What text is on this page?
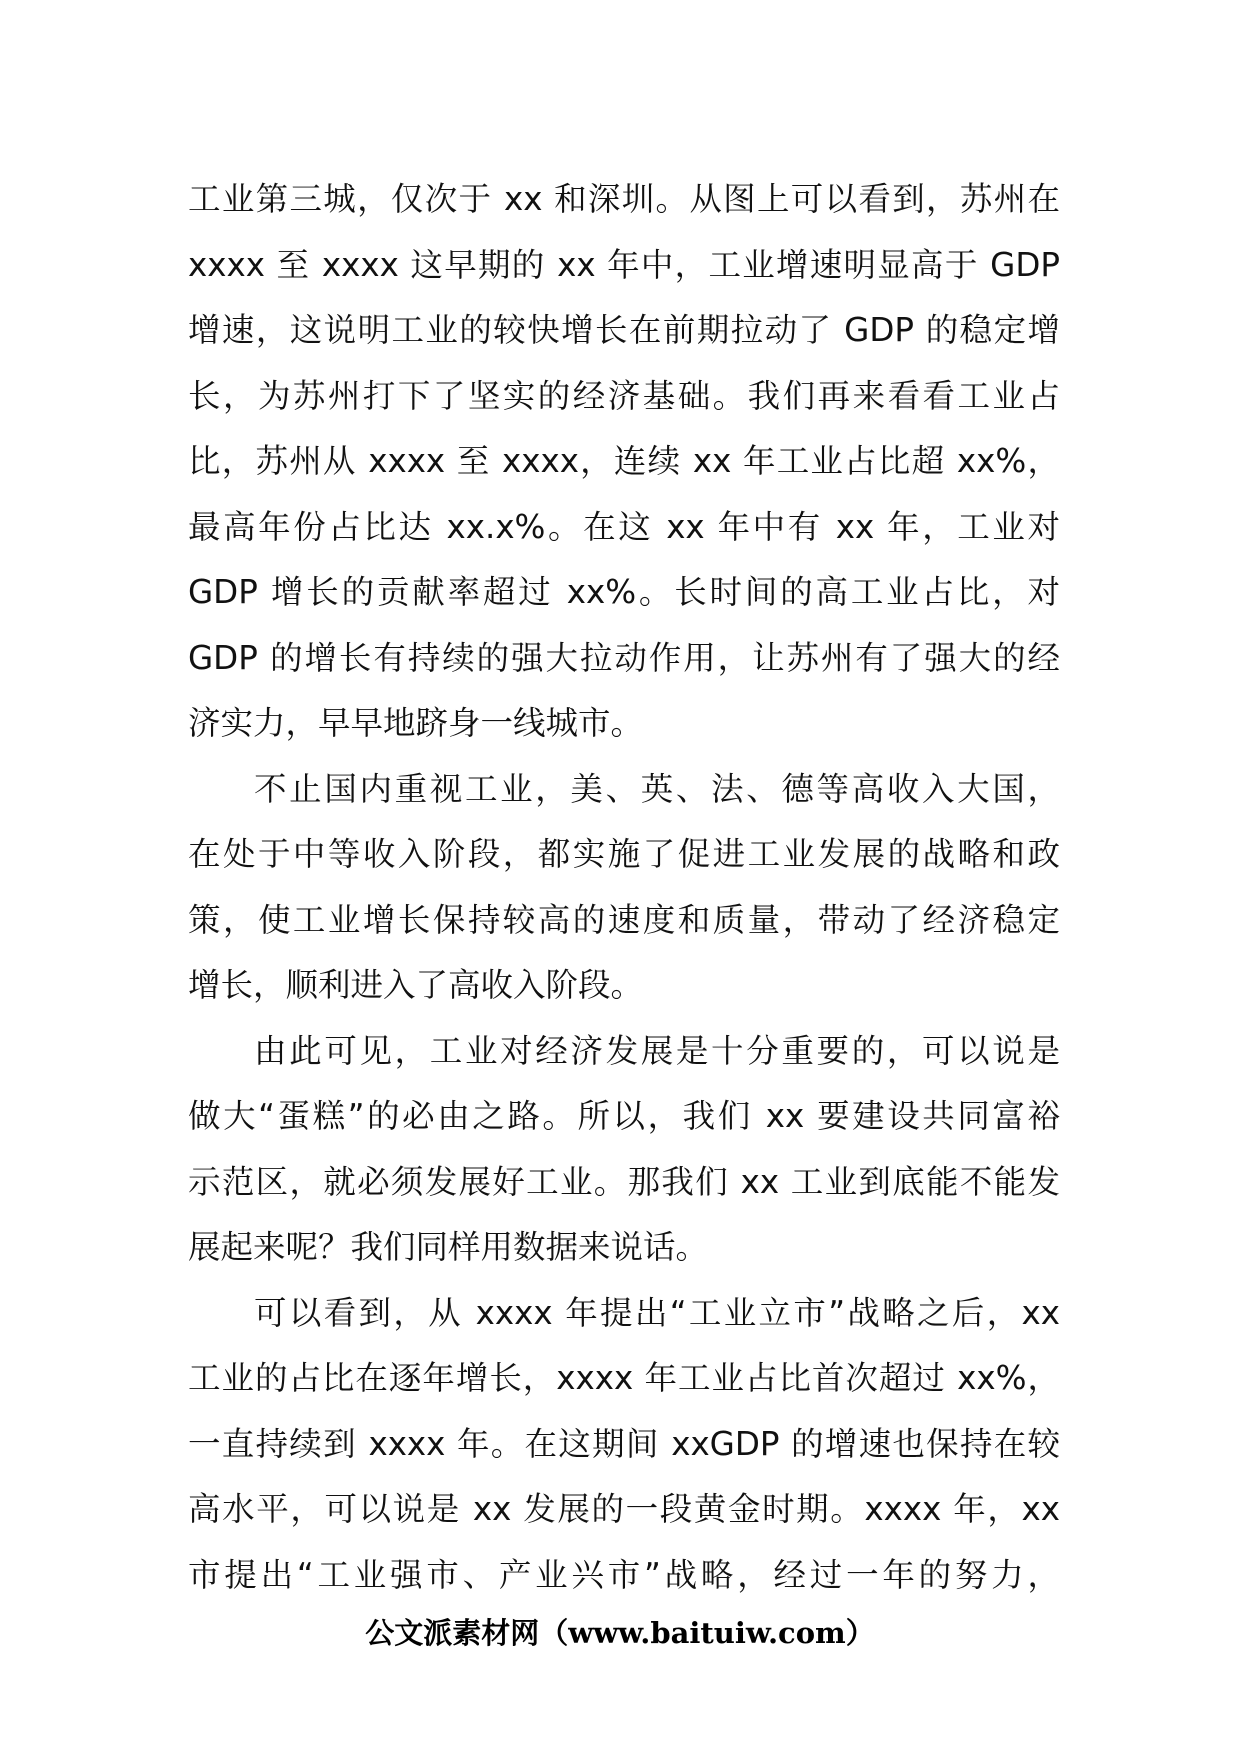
工业第三城，仅次于 xx 和深圳。从图上可以看到，苏州在
xxxx 至 xxxx 这早期的 xx 年中，工业增速明显高于 GDP
增速，这说明工业的较快增长在前期拉动了 GDP 的稳定增
长，为苏州打下了坚实的经济基础。我们再来看看工业占
比，苏州从 xxxx 至 xxxx，连续 xx 年工业占比超 xx%，
最高年份占比达 xx.x%。在这 xx 年中有 xx 年，工业对
GDP 增长的贡献率超过 xx%。长时间的高工业占比，对
GDP 的增长有持续的强大拉动作用，让苏州有了强大的经
济实力，早早地跻身一线城市。
不止国内重视工业，美、英、法、德等高收入大国，
在处于中等收入阶段，都实施了促进工业发展的战略和政
策，使工业增长保持较高的速度和质量，带动了经济稳定
增长，顺利进入了高收入阶段。
由此可见，工业对经济发展是十分重要的，可以说是
做大“蛋糕”的必由之路。所以，我们 xx 要建设共同富裕
示范区，就必须发展好工业。那我们 xx 工业到底能不能发
展起来呢？我们同样用数据来说话。
可以看到，从 xxxx 年提出“工业立市”战略之后，xx
工业的占比在逐年增长，xxxx 年工业占比首次超过 xx%，
一直持续到 xxxx 年。在这期间 xxGDP 的增速也保持在较
高水平，可以说是 xx 发展的一段黄金时期。xxxx 年，xx
市提出“工业强市、产业兴市”战略，经过一年的努力，
公文派素材网（www.baituiw.com）
